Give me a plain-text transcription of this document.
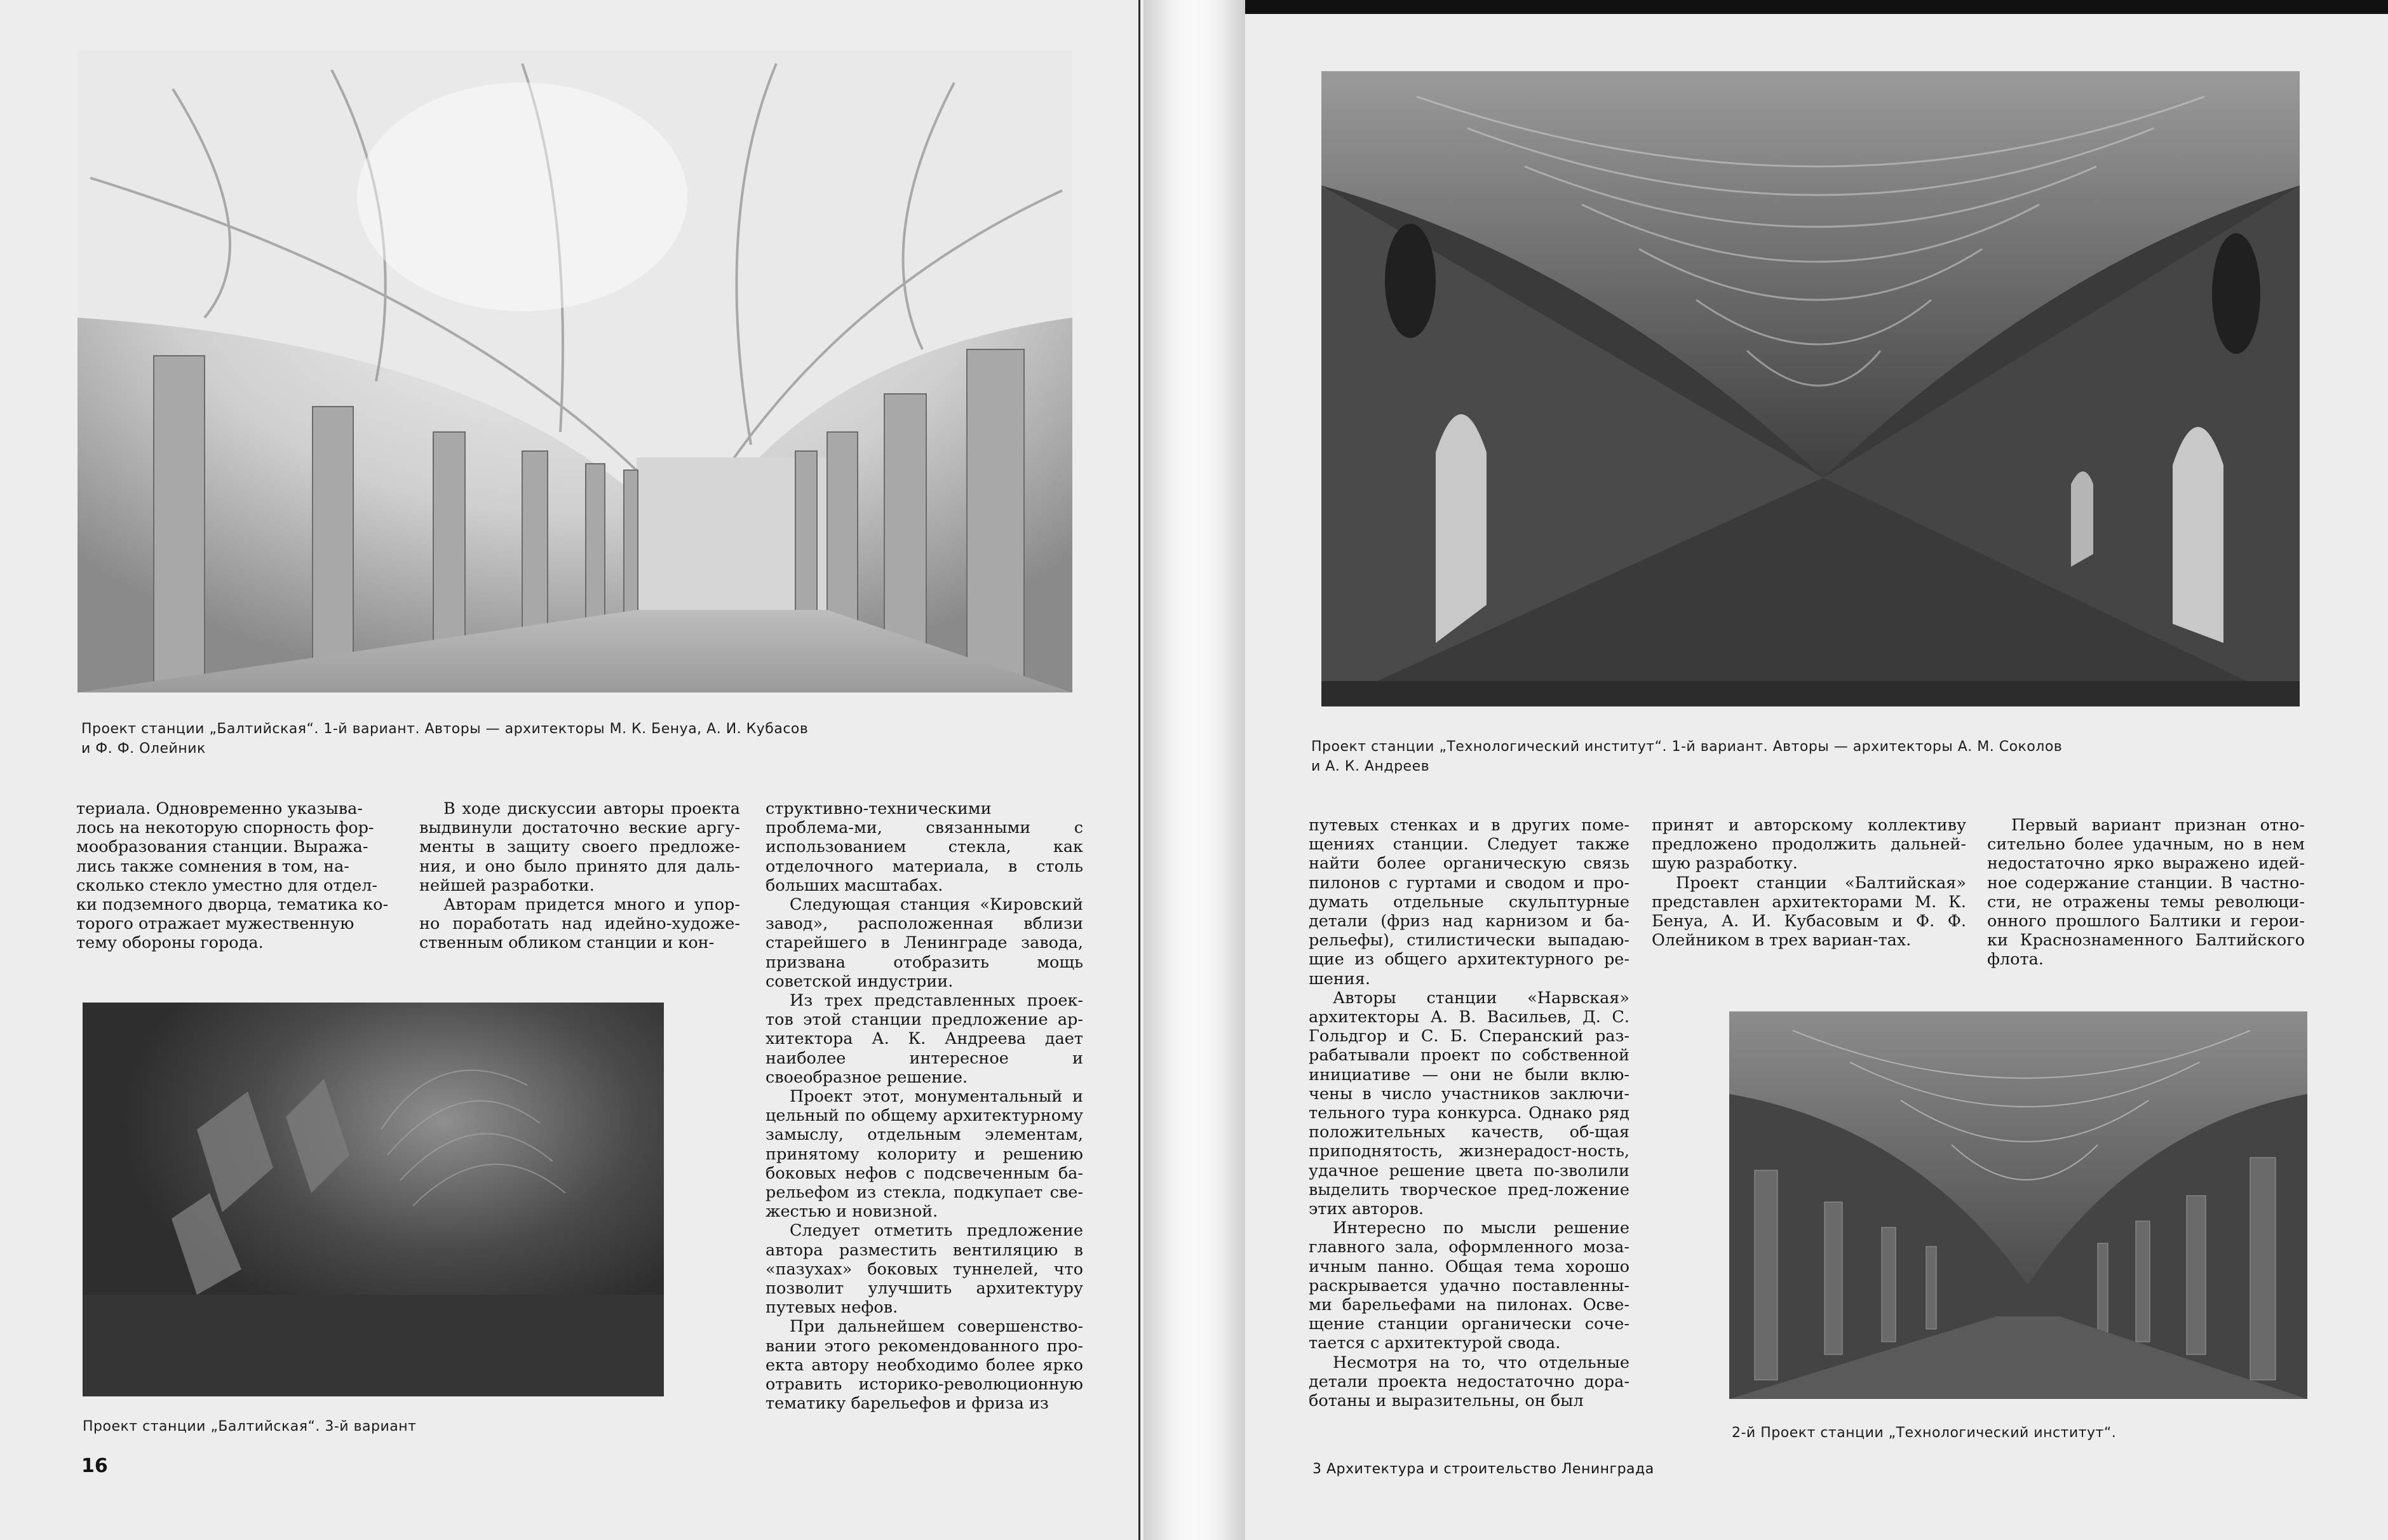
Проект станции „Балтийская“. 1-й вариант. Авторы — архитекторы М. К. Бенуа, А. И. Кубасов
и Ф. Ф. Олейник
териала. Одновременно указыва-
лось на некоторую спорность фор-
мообразования станции. Выража-
лись также сомнения в том, на-
сколько стекло уместно для отдел-
ки подземного дворца, тематика ко-
торого отражает мужественную
тему обороны города.

В ходе дискуссии авторы проекта выдвинули достаточно веские аргу-менты в защиту своего предложе-ния, и оно было принято для даль-нейшей разработки.

Авторам придется много и упор-но поработать над идейно-художе-ственным обликом станции и кон-

структивно-техническими проблема-ми, связанными с использованием стекла, как отделочного материала, в столь больших масштабах.

Следующая станция «Кировский завод», расположенная вблизи старейшего в Ленинграде завода, призвана отобразить мощь советской индустрии.

Из трех представленных проек-тов этой станции предложение ар-хитектора А. К. Андреева дает наиболее интересное и своеобразное решение.

Проект этот, монументальный и цельный по общему архитектурному замыслу, отдельным элементам, принятому колориту и решению боковых нефов с подсвеченным ба-рельефом из стекла, подкупает све-жестью и новизной.

Следует отметить предложение автора разместить вентиляцию в «пазухах» боковых туннелей, что позволит улучшить архитектуру путевых нефов.

При дальнейшем совершенство-вании этого рекомендованного про-екта автору необходимо более ярко отравить историко-революционную тематику барельефов и фриза из

Проект станции „Балтийская“. 3-й вариант
16
Проект станции „Технологический институт“. 1-й вариант. Авторы — архитекторы А. М. Соколов
и А. К. Андреев

путевых стенках и в других поме-щениях станции. Следует также найти более органическую связь пилонов с гуртами и сводом и про-думать отдельные скульптурные детали (фриз над карнизом и ба-рельефы), стилистически выпадаю-щие из общего архитектурного ре-шения.

Авторы станции «Нарвская» архитекторы А. В. Васильев, Д. С. Гольдгор и С. Б. Сперанский раз-рабатывали проект по собственной инициативе — они не были вклю-чены в число участников заключи-тельного тура конкурса. Однако ряд положительных качеств, об-щая приподнятость, жизнерадост-ность, удачное решение цвета по-зволили выделить творческое пред-ложение этих авторов.

Интересно по мысли решение главного зала, оформленного моза-ичным панно. Общая тема хорошо раскрывается удачно поставленны-ми барельефами на пилонах. Осве-щение станции органически соче-тается с архитектурой свода.

Несмотря на то, что отдельные детали проекта недостаточно дора-ботаны и выразительны, он был

принят и авторскому коллективу предложено продолжить дальней-шую разработку.

Проект станции «Балтийская» представлен архитекторами М. К. Бенуа, А. И. Кубасовым и Ф. Ф. Олейником в трех вариан-тах.

Первый вариант признан отно-сительно более удачным, но в нем недостаточно ярко выражено идей-ное содержание станции. В частно-сти, не отражены темы революци-онного прошлого Балтики и герои-ки Краснознаменного Балтийского флота.

2-й Проект станции „Технологический институт“.
3 Архитектура и строительство Ленинграда
